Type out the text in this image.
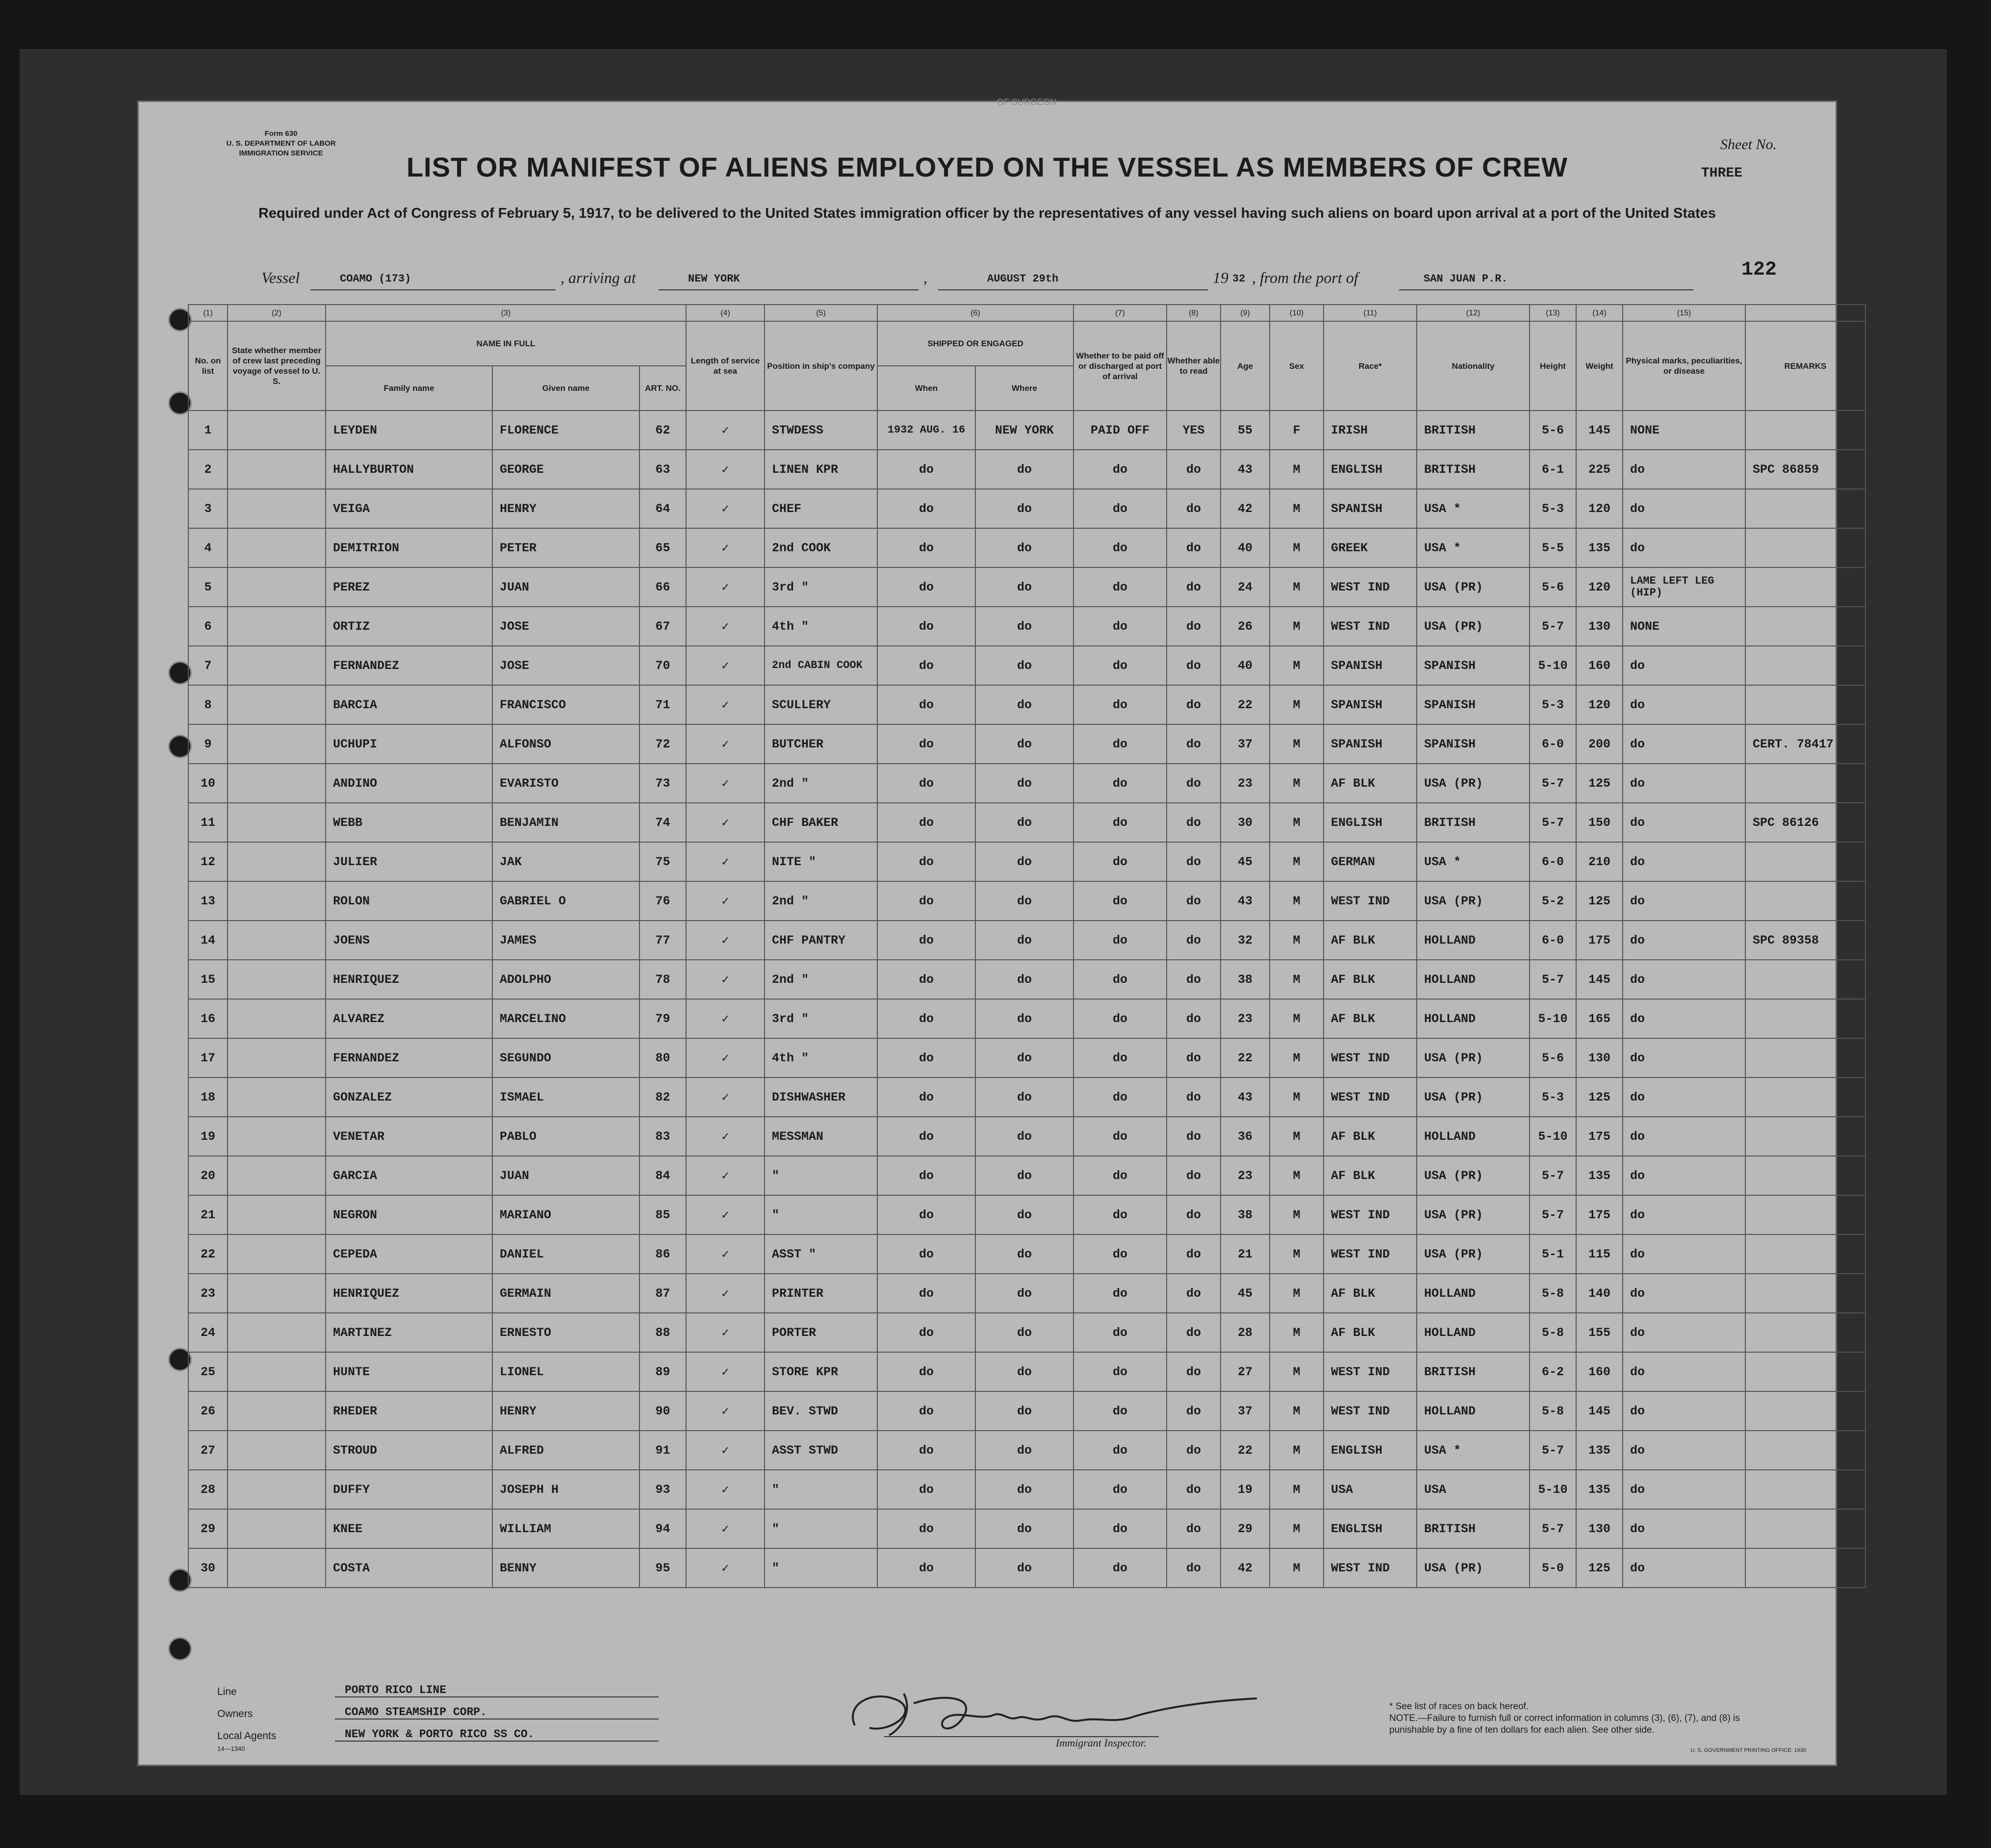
Form 630
U. S. DEPARTMENT OF LABOR
IMMIGRATION SERVICE
OF SURGEON
Sheet No.
THREE
LIST OR MANIFEST OF ALIENS EMPLOYED ON THE VESSEL AS MEMBERS OF CREW
Required under Act of Congress of February 5, 1917, to be delivered to the United States immigration officer by the representatives of any vessel having such aliens on board upon arrival at a port of the United States
Vessel	COAMO (173)	, arriving at	NEW YORK	,	AUGUST 29th	19 32 , from the port of	SAN JUAN P.R.	122
(1)	(2)	(3)			(4)	(5)	(6)		(7)	(8)	(9)	(10)	(11)	(12)	(13)	(14)	(15)	
No. on list	State whether member of crew last preceding voyage of vessel to U. S.	NAME IN FULL			Length of service at sea	Position in ship's company	SHIPPED OR ENGAGED		Whether to be paid off or discharged at port of arrival	Whether able to read	Age	Sex	Race*	Nationality	Height	Weight	Physical marks, peculiarities, or disease	REMARKS
		Family name	Given name	ART. NO.			When	Where										
1		LEYDEN	FLORENCE	62	✓	STWDESS	1932 AUG. 16	NEW YORK	PAID OFF	YES	55	F	IRISH	BRITISH	5-6	145	NONE	
2		HALLYBURTON	GEORGE	63	✓	LINEN KPR	do	do	do	do	43	M	ENGLISH	BRITISH	6-1	225	do	SPC 86859
3		VEIGA	HENRY	64	✓	CHEF	do	do	do	do	42	M	SPANISH	USA *	5-3	120	do	
4		DEMITRION	PETER	65	✓	2nd COOK	do	do	do	do	40	M	GREEK	USA *	5-5	135	do	
5		PEREZ	JUAN	66	✓	3rd "	do	do	do	do	24	M	WEST IND	USA (PR)	5-6	120	LAME LEFT LEG (HIP)	
6		ORTIZ	JOSE	67	✓	4th "	do	do	do	do	26	M	WEST IND	USA (PR)	5-7	130	NONE	
7		FERNANDEZ	JOSE	70	✓	2nd CABIN COOK	do	do	do	do	40	M	SPANISH	SPANISH	5-10	160	do	
8		BARCIA	FRANCISCO	71	✓	SCULLERY	do	do	do	do	22	M	SPANISH	SPANISH	5-3	120	do	
9		UCHUPI	ALFONSO	72	✓	BUTCHER	do	do	do	do	37	M	SPANISH	SPANISH	6-0	200	do	CERT. 78417
10		ANDINO	EVARISTO	73	✓	2nd "	do	do	do	do	23	M	AF BLK	USA (PR)	5-7	125	do	
11		WEBB	BENJAMIN	74	✓	CHF BAKER	do	do	do	do	30	M	ENGLISH	BRITISH	5-7	150	do	SPC 86126
12		JULIER	JAK	75	✓	NITE "	do	do	do	do	45	M	GERMAN	USA *	6-0	210	do	
13		ROLON	GABRIEL O	76	✓	2nd "	do	do	do	do	43	M	WEST IND	USA (PR)	5-2	125	do	
14		JOENS	JAMES	77	✓	CHF PANTRY	do	do	do	do	32	M	AF BLK	HOLLAND	6-0	175	do	SPC 89358
15		HENRIQUEZ	ADOLPHO	78	✓	2nd "	do	do	do	do	38	M	AF BLK	HOLLAND	5-7	145	do	
16		ALVAREZ	MARCELINO	79	✓	3rd "	do	do	do	do	23	M	AF BLK	HOLLAND	5-10	165	do	
17		FERNANDEZ	SEGUNDO	80	✓	4th "	do	do	do	do	22	M	WEST IND	USA (PR)	5-6	130	do	
18		GONZALEZ	ISMAEL	82	✓	DISHWASHER	do	do	do	do	43	M	WEST IND	USA (PR)	5-3	125	do	
19		VENETAR	PABLO	83	✓	MESSMAN	do	do	do	do	36	M	AF BLK	HOLLAND	5-10	175	do	
20		GARCIA	JUAN	84	✓	"	do	do	do	do	23	M	AF BLK	USA (PR)	5-7	135	do	
21		NEGRON	MARIANO	85	✓	"	do	do	do	do	38	M	WEST IND	USA (PR)	5-7	175	do	
22		CEPEDA	DANIEL	86	✓	ASST "	do	do	do	do	21	M	WEST IND	USA (PR)	5-1	115	do	
23		HENRIQUEZ	GERMAIN	87	✓	PRINTER	do	do	do	do	45	M	AF BLK	HOLLAND	5-8	140	do	
24		MARTINEZ	ERNESTO	88	✓	PORTER	do	do	do	do	28	M	AF BLK	HOLLAND	5-8	155	do	
25		HUNTE	LIONEL	89	✓	STORE KPR	do	do	do	do	27	M	WEST IND	BRITISH	6-2	160	do	
26		RHEDER	HENRY	90	✓	BEV. STWD	do	do	do	do	37	M	WEST IND	HOLLAND	5-8	145	do	
27		STROUD	ALFRED	91	✓	ASST STWD	do	do	do	do	22	M	ENGLISH	USA *	5-7	135	do	
28		DUFFY	JOSEPH H	93	✓	"	do	do	do	do	19	M	USA	USA	5-10	135	do	
29		KNEE	WILLIAM	94	✓	"	do	do	do	do	29	M	ENGLISH	BRITISH	5-7	130	do	
30		COSTA	BENNY	95	✓	"	do	do	do	do	42	M	WEST IND	USA (PR)	5-0	125	do	
Line	PORTO RICO LINE
Owners	COAMO STEAMSHIP CORP.
Local Agents	NEW YORK & PORTO RICO SS CO.
14—1340	Immigrant Inspector.
* See list of races on back hereof.
NOTE.—Failure to furnish full or correct information in columns (3), (6), (7), and (8) is punishable by a fine of ten dollars for each alien. See other side.
U. S. GOVERNMENT PRINTING OFFICE: 1930
